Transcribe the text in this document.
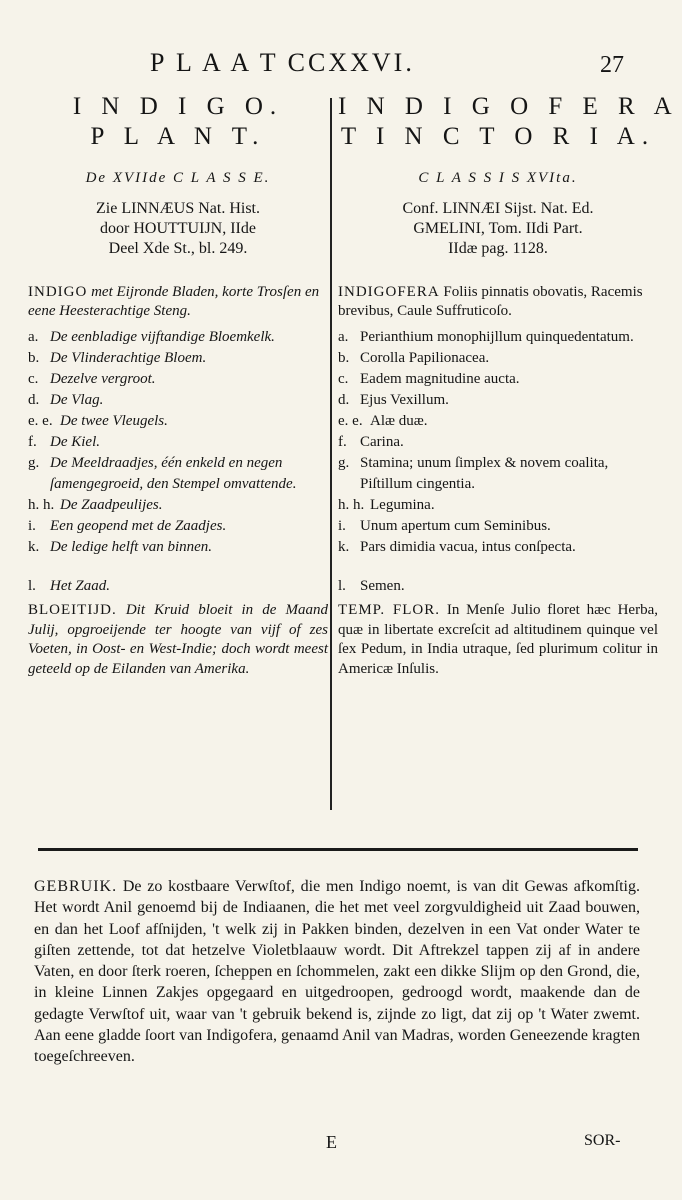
P L A A T CCXXVI.	27
I N D I G O.
P L A N T.
De XVIIde C L A S S E.
Zie LINNÆUS Nat. Hist.
door HOUTTUIJN, IIde
Deel Xde St., bl. 249.
INDIGO met Eijronde Bladen, korte Trosſen en eene Heesterachtige Steng.
a. De eenbladige vijftandige Bloemkelk.
b. De Vlinderachtige Bloem.
c. Dezelve vergroot.
d. De Vlag.
e. e. De twee Vleugels.
f. De Kiel.
g. De Meeldraadjes, één enkeld en negen ſamengegroeid, den Stempel omvattende.
h. h. De Zaadpeulijes.
i. Een geopend met de Zaadjes.
k. De ledige helft van binnen.
l. Het Zaad.
BLOEITIJD. Dit Kruid bloeit in de Maand Julij, opgroeijende ter hoogte van vijf of zes Voeten, in Oost- en West-Indie; doch wordt meest geteeld op de Eilanden van Amerika.
I N D I G O F E R A
T I N C T O R I A.
C L A S S I S XVIta.
Conf. LINNÆI Sijst. Nat. Ed.
GMELINI, Tom. IIdi Part.
IIdæ pag. 1128.
INDIGOFERA Foliis pinnatis obovatis, Racemis brevibus, Caule Suffruticoſo.
a. Perianthium monophijllum quinquedentatum.
b. Corolla Papilionacea.
c. Eadem magnitudine aucta.
d. Ejus Vexillum.
e. e. Alæ duæ.
f. Carina.
g. Stamina; unum ſimplex & novem coalita, Piſtillum cingentia.
h. h. Legumina.
i. Unum apertum cum Seminibus.
k. Pars dimidia vacua, intus conſpecta.
l. Semen.
TEMP. FLOR. In Menſe Julio floret hæc Herba, quæ in libertate excreſcit ad altitudinem quinque vel ſex Pedum, in India utraque, ſed plurimum colitur in Americæ Inſulis.
GEBRUIK. De zo kostbaare Verwſtof, die men Indigo noemt, is van dit Gewas afkomſtig. Het wordt Anil genoemd bij de Indiaanen, die het met veel zorgvuldigheid uit Zaad bouwen, en dan het Loof afſnijden, 't welk zij in Pakken binden, dezelven in een Vat onder Water te giſten zettende, tot dat hetzelve Violetblaauw wordt. Dit Aftrekzel tappen zij af in andere Vaten, en door ſterk roeren, ſcheppen en ſchommelen, zakt een dikke Slijm op den Grond, die, in kleine Linnen Zakjes opgegaard en uitgedroopen, gedroogd wordt, maakende dan de gedagte Verwſtof uit, waar van 't gebruik bekend is, zijnde zo ligt, dat zij op 't Water zwemt. Aan eene gladde ſoort van Indigofera, genaamd Anil van Madras, worden Geneezende kragten toegeſchreeven.
E	SOR-
